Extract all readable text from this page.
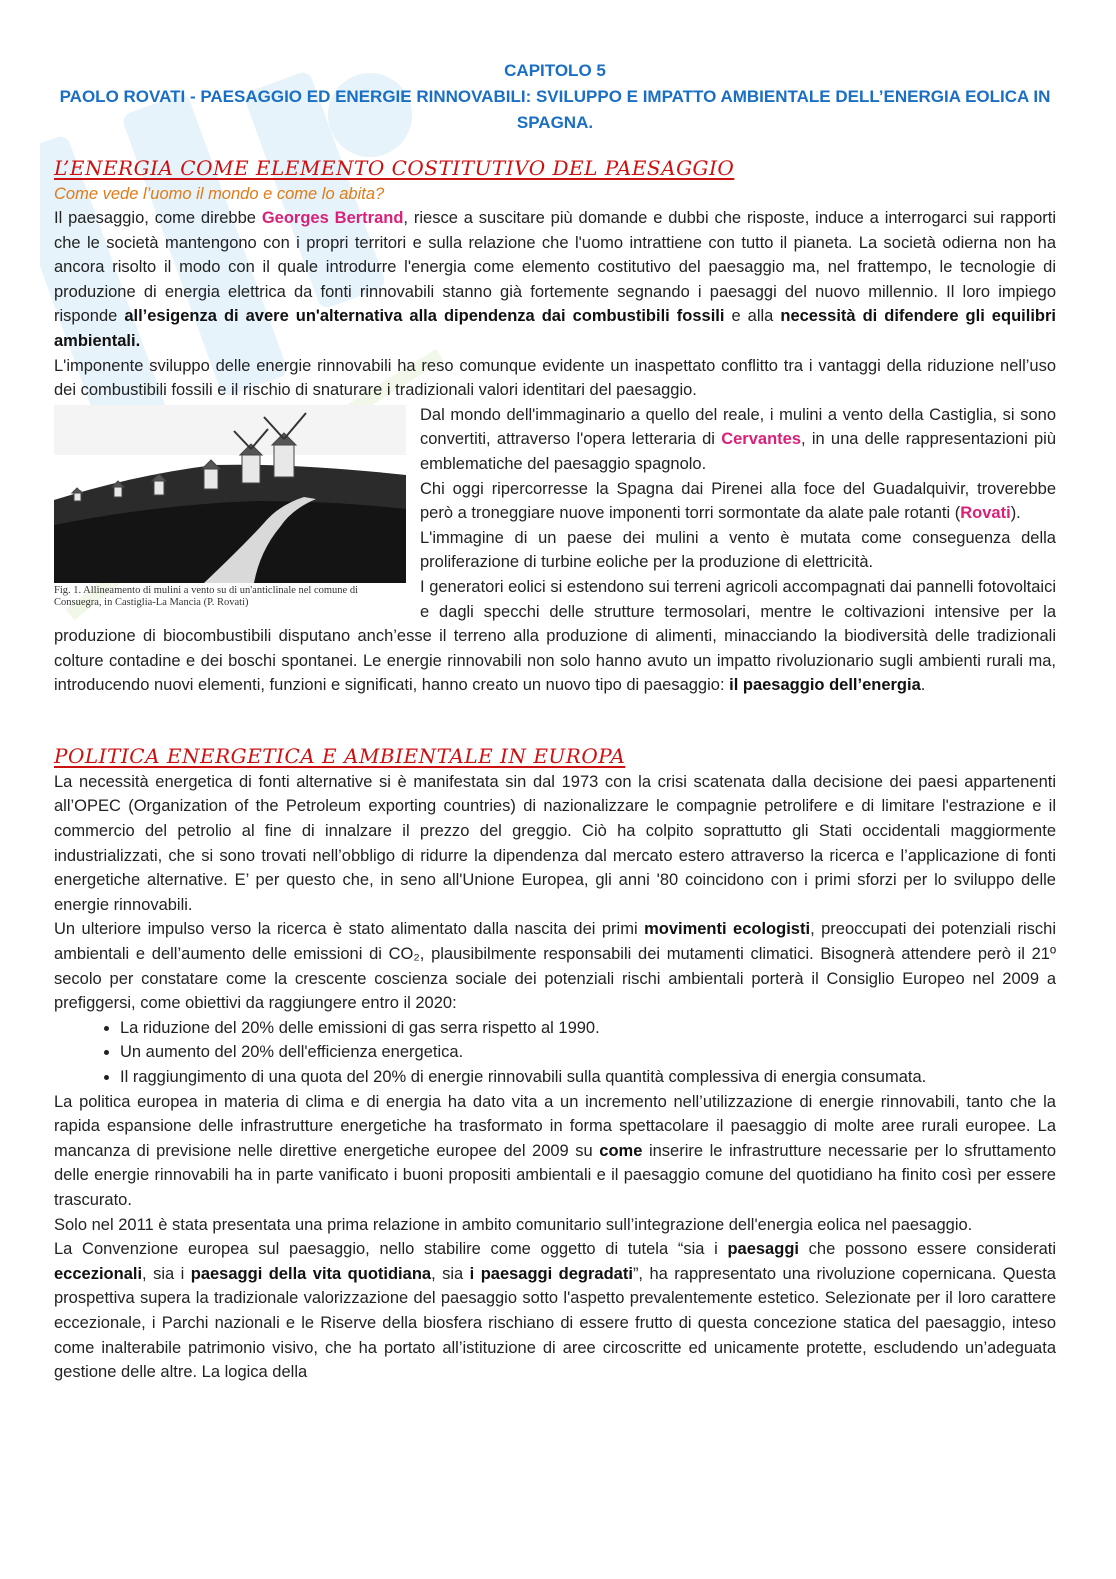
CAPITOLO 5
PAOLO ROVATI - PAESAGGIO ED ENERGIE RINNOVABILI: SVILUPPO E IMPATTO AMBIENTALE DELL’ENERGIA EOLICA IN SPAGNA.
L’ENERGIA COME ELEMENTO COSTITUTIVO DEL PAESAGGIO
Come vede l’uomo il mondo e come lo abita?

Il paesaggio, come direbbe Georges Bertrand, riesce a suscitare più domande e dubbi che risposte, induce a interrogarci sui rapporti che le società mantengono con i propri territori e sulla relazione che l'uomo intrattiene con tutto il pianeta. La società odierna non ha ancora risolto il modo con il quale introdurre l'energia come elemento costitutivo del paesaggio ma, nel frattempo, le tecnologie di produzione di energia elettrica da fonti rinnovabili stanno già fortemente segnando i paesaggi del nuovo millennio. Il loro impiego risponde all’esigenza di avere un'alternativa alla dipendenza dai combustibili fossili e alla necessità di difendere gli equilibri ambientali.

L'imponente sviluppo delle energie rinnovabili ha reso comunque evidente un inaspettato conflitto tra i vantaggi della riduzione nell’uso dei combustibili fossili e il rischio di snaturare i tradizionali valori identitari del paesaggio.

Fig. 1. Allineamento di mulini a vento su di un'anticlinale nel comune di Consuegra, in Castiglia-La Mancia (P. Rovati)

Dal mondo dell'immaginario a quello del reale, i mulini a vento della Castiglia, si sono convertiti, attraverso l'opera letteraria di Cervantes, in una delle rappresentazioni più emblematiche del paesaggio spagnolo.

Chi oggi ripercorresse la Spagna dai Pirenei alla foce del Guadalquivir, troverebbe però a troneggiare nuove imponenti torri sormontate da alate pale rotanti (Rovati).

L'immagine di un paese dei mulini a vento è mutata come conseguenza della proliferazione di turbine eoliche per la produzione di elettricità.

I generatori eolici si estendono sui terreni agricoli accompagnati dai pannelli fotovoltaici e dagli specchi delle strutture termosolari, mentre le coltivazioni intensive per la produzione di biocombustibili disputano anch’esse il terreno alla produzione di alimenti, minacciando la biodiversità delle tradizionali colture contadine e dei boschi spontanei. Le energie rinnovabili non solo hanno avuto un impatto rivoluzionario sugli ambienti rurali ma, introducendo nuovi elementi, funzioni e significati, hanno creato un nuovo tipo di paesaggio: il paesaggio dell’energia.

POLITICA ENERGETICA E AMBIENTALE IN EUROPA

La necessità energetica di fonti alternative si è manifestata sin dal 1973 con la crisi scatenata dalla decisione dei paesi appartenenti all’OPEC (Organization of the Petroleum exporting countries) di nazionalizzare le compagnie petrolifere e di limitare l'estrazione e il commercio del petrolio al fine di innalzare il prezzo del greggio. Ciò ha colpito soprattutto gli Stati occidentali maggiormente industrializzati, che si sono trovati nell’obbligo di ridurre la dipendenza dal mercato estero attraverso la ricerca e l’applicazione di fonti energetiche alternative. E’ per questo che, in seno all'Unione Europea, gli anni '80 coincidono con i primi sforzi per lo sviluppo delle energie rinnovabili.

Un ulteriore impulso verso la ricerca è stato alimentato dalla nascita dei primi movimenti ecologisti, preoccupati dei potenziali rischi ambientali e dell’aumento delle emissioni di CO₂, plausibilmente responsabili dei mutamenti climatici. Bisognerà attendere però il 21º secolo per constatare come la crescente coscienza sociale dei potenziali rischi ambientali porterà il Consiglio Europeo nel 2009 a prefiggersi, come obiettivi da raggiungere entro il 2020:

• La riduzione del 20% delle emissioni di gas serra rispetto al 1990.
• Un aumento del 20% dell'efficienza energetica.
• Il raggiungimento di una quota del 20% di energie rinnovabili sulla quantità complessiva di energia consumata.

La politica europea in materia di clima e di energia ha dato vita a un incremento nell’utilizzazione di energie rinnovabili, tanto che la rapida espansione delle infrastrutture energetiche ha trasformato in forma spettacolare il paesaggio di molte aree rurali europee. La mancanza di previsione nelle direttive energetiche europee del 2009 su come inserire le infrastrutture necessarie per lo sfruttamento delle energie rinnovabili ha in parte vanificato i buoni propositi ambientali e il paesaggio comune del quotidiano ha finito così per essere trascurato.

Solo nel 2011 è stata presentata una prima relazione in ambito comunitario sull’integrazione dell'energia eolica nel paesaggio.

La Convenzione europea sul paesaggio, nello stabilire come oggetto di tutela “sia i paesaggi che possono essere considerati eccezionali, sia i paesaggi della vita quotidiana, sia i paesaggi degradati”, ha rappresentato una rivoluzione copernicana. Questa prospettiva supera la tradizionale valorizzazione del paesaggio sotto l'aspetto prevalentemente estetico. Selezionate per il loro carattere eccezionale, i Parchi nazionali e le Riserve della biosfera rischiano di essere frutto di questa concezione statica del paesaggio, inteso come inalterabile patrimonio visivo, che ha portato all’istituzione di aree circoscritte ed unicamente protette, escludendo un’adeguata gestione delle altre. La logica della
